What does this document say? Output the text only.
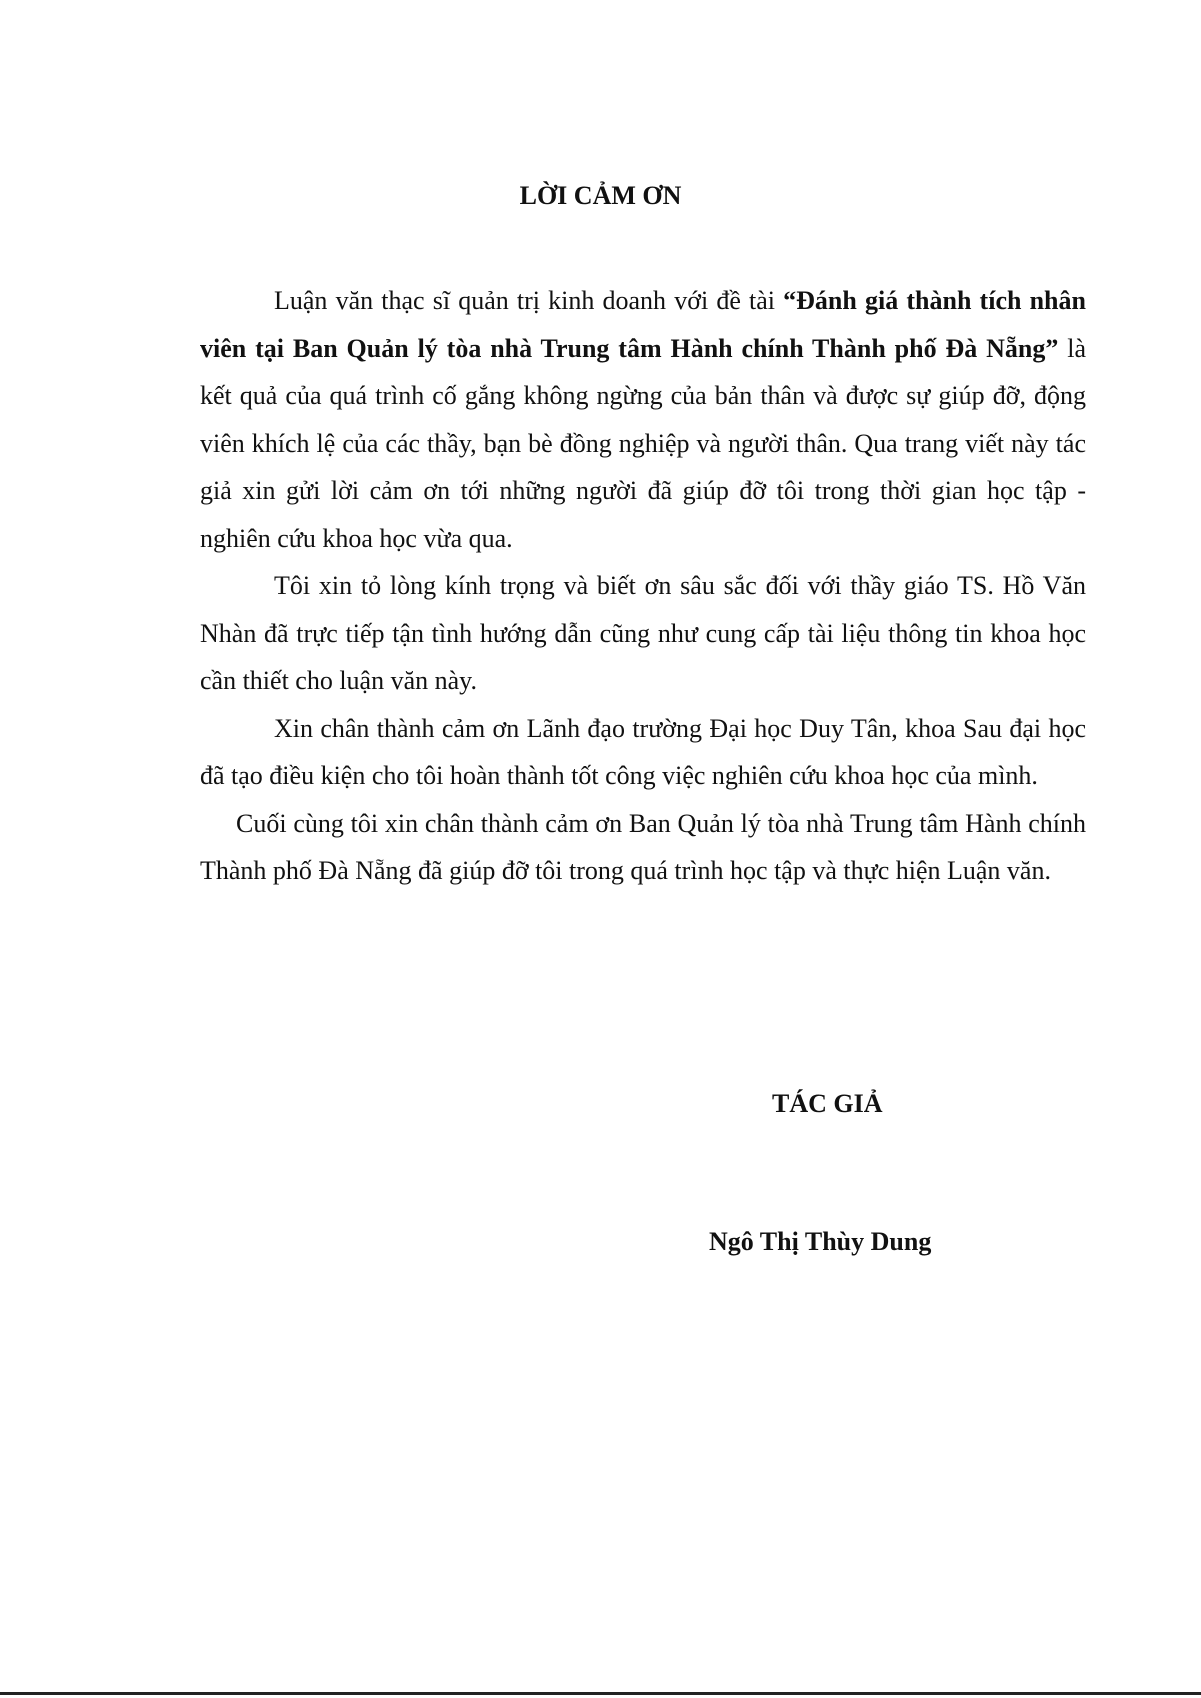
LỜI CẢM ƠN

Luận văn thạc sĩ quản trị kinh doanh với đề tài “Đánh giá thành tích nhân viên tại Ban Quản lý tòa nhà Trung tâm Hành chính Thành phố Đà Nẵng” là kết quả của quá trình cố gắng không ngừng của bản thân và được sự giúp đỡ, động viên khích lệ của các thầy, bạn bè đồng nghiệp và người thân. Qua trang viết này tác giả xin gửi lời cảm ơn tới những người đã giúp đỡ tôi trong thời gian học tập - nghiên cứu khoa học vừa qua.

Tôi xin tỏ lòng kính trọng và biết ơn sâu sắc đối với thầy giáo TS. Hồ Văn Nhàn đã trực tiếp tận tình hướng dẫn cũng như cung cấp tài liệu thông tin khoa học cần thiết cho luận văn này.

Xin chân thành cảm ơn Lãnh đạo trường Đại học Duy Tân, khoa Sau đại học đã tạo điều kiện cho tôi hoàn thành tốt công việc nghiên cứu khoa học của mình.

Cuối cùng tôi xin chân thành cảm ơn Ban Quản lý tòa nhà Trung tâm Hành chính Thành phố Đà Nẵng đã giúp đỡ tôi trong quá trình học tập và thực hiện Luận văn.

TÁC GIẢ

Ngô Thị Thùy Dung
